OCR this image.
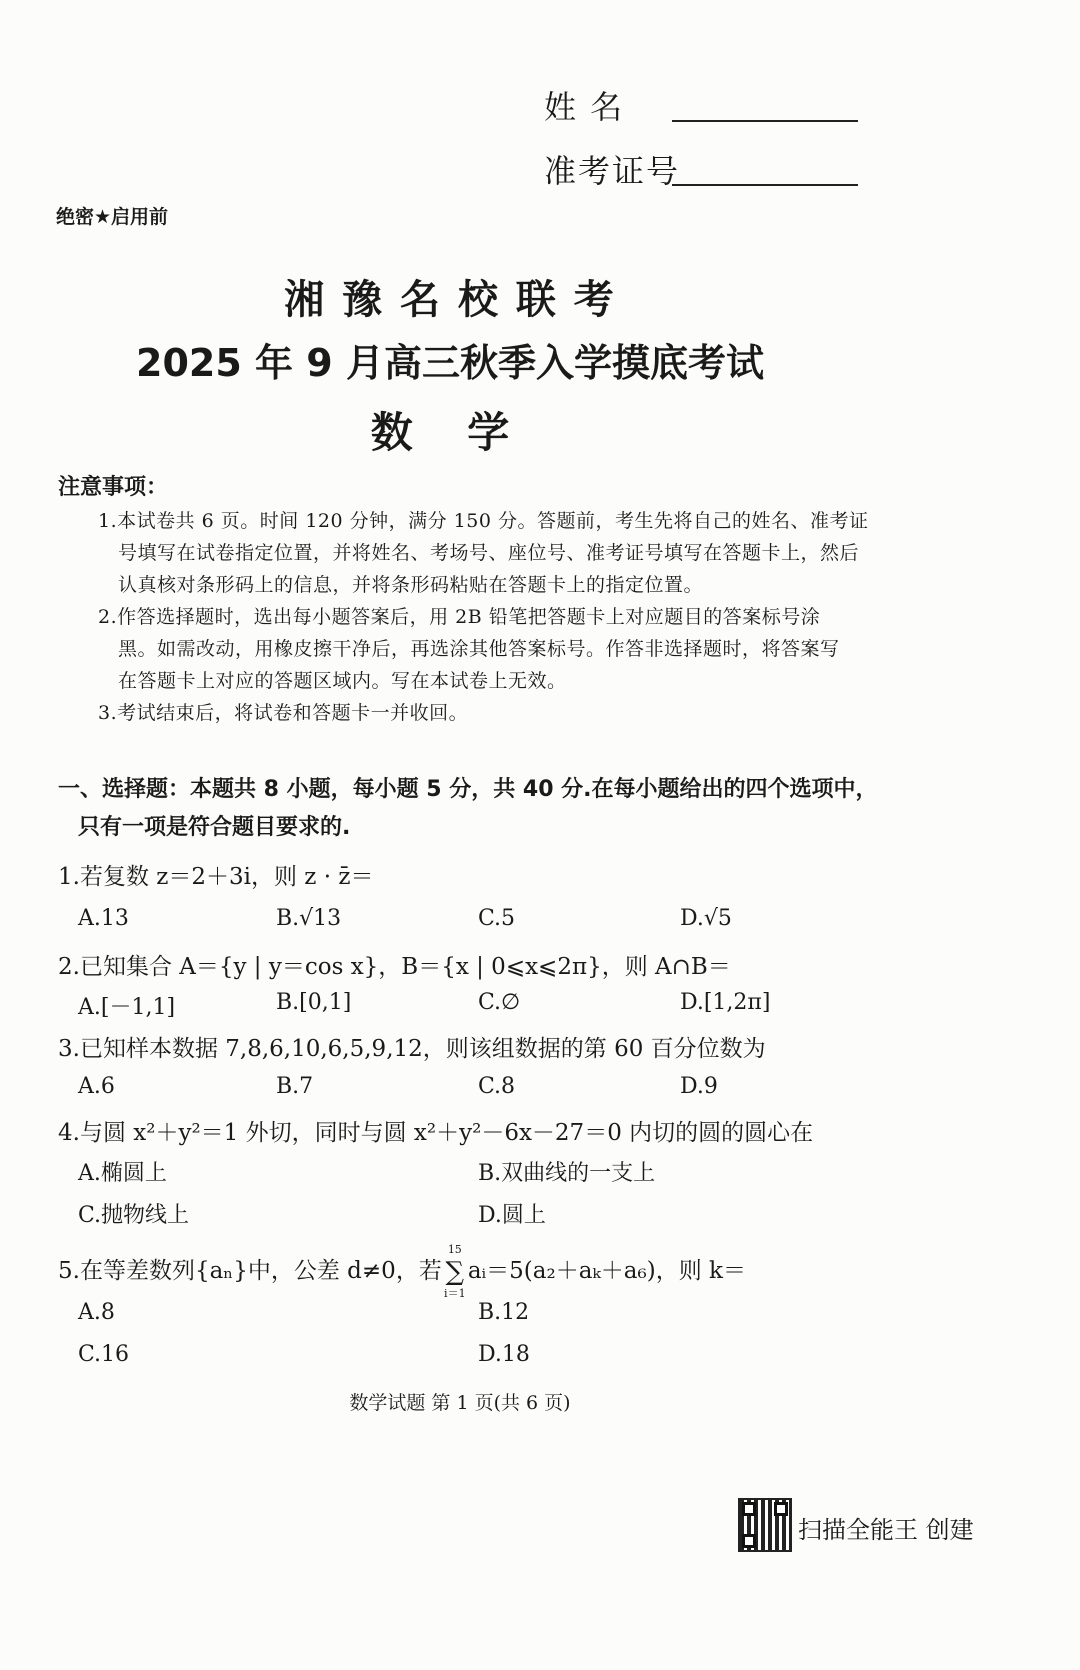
姓 名
准考证号
绝密★启用前
湘 豫 名 校 联 考
2025 年 9 月高三秋季入学摸底考试
数 学
注意事项：
1.本试卷共 6 页。时间 120 分钟，满分 150 分。答题前，考生先将自己的姓名、准考证
号填写在试卷指定位置，并将姓名、考场号、座位号、准考证号填写在答题卡上，然后
认真核对条形码上的信息，并将条形码粘贴在答题卡上的指定位置。
2.作答选择题时，选出每小题答案后，用 2B 铅笔把答题卡上对应题目的答案标号涂
黑。如需改动，用橡皮擦干净后，再选涂其他答案标号。作答非选择题时，将答案写
在答题卡上对应的答题区域内。写在本试卷上无效。
3.考试结束后，将试卷和答题卡一并收回。
一、选择题：本题共 8 小题，每小题 5 分，共 40 分.在每小题给出的四个选项中，
只有一项是符合题目要求的.
1.若复数 z＝2＋3i，则 z · z̄＝
A.13	B.√13	C.5	D.√5
2.已知集合 A＝{y | y＝cos x}，B＝{x | 0⩽x⩽2π}，则 A∩B＝
A.[－1,1]	B.[0,1]	C.∅	D.[1,2π]
3.已知样本数据 7,8,6,10,6,5,9,12，则该组数据的第 60 百分位数为
A.6	B.7	C.8	D.9
4.与圆 x²＋y²＝1 外切，同时与圆 x²＋y²－6x－27＝0 内切的圆的圆心在
A.椭圆上	B.双曲线的一支上
C.抛物线上	D.圆上
5.在等差数列{aₙ}中，公差 d≠0，若
15
∑
i＝1
aᵢ＝5(a₂＋aₖ＋a₆)，则 k＝
A.8	B.12
C.16	D.18
数学试题 第 1 页(共 6 页)
扫描全能王 创建
